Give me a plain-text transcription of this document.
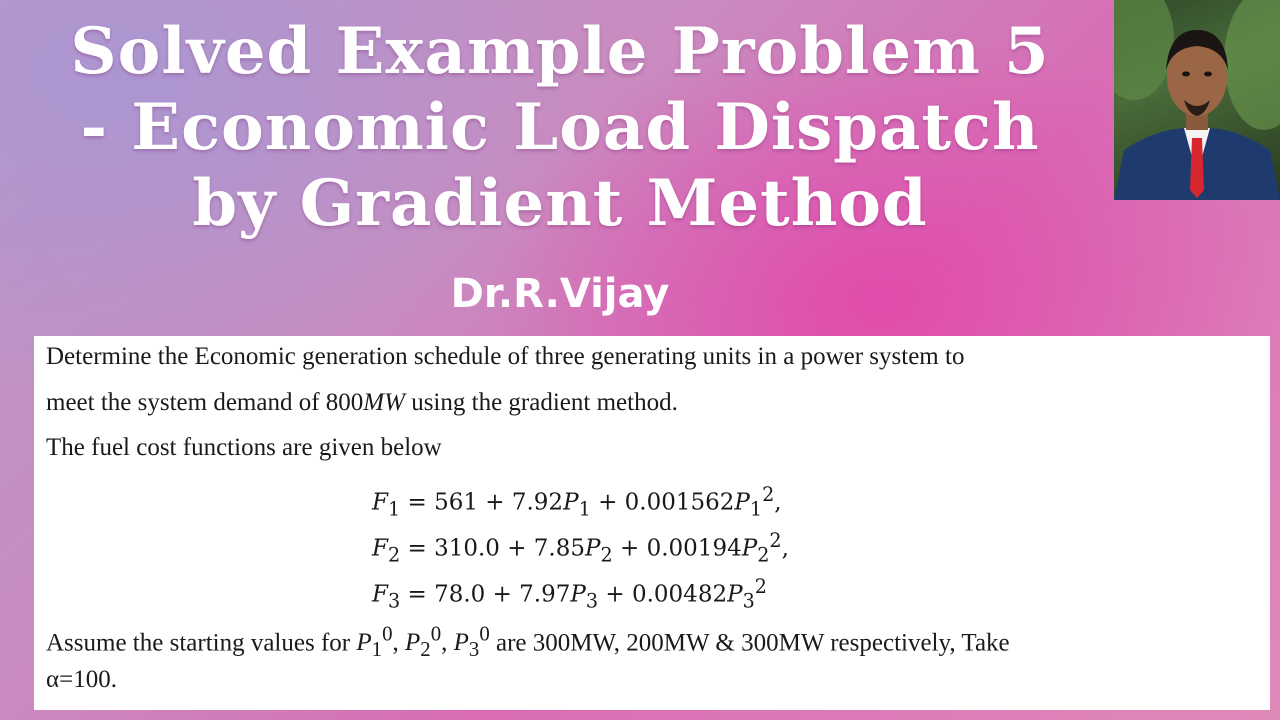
Solved Example Problem 5
- Economic Load Dispatch
by Gradient Method
Dr.R.Vijay
Determine the Economic generation schedule of three generating units in a power system to
meet the system demand of 800MW using the gradient method.
The fuel cost functions are given below
$F_1 = 561 + 7.92P_1 + 0.001562P_1^2$,
$F_2 = 310.0 + 7.85P_2 + 0.00194P_2^2$,
$F_3 = 78.0 + 7.97P_3 + 0.00482P_3^2$
Assume the starting values for $P_1^0$, $P_2^0$, $P_3^0$ are 300MW, 200MW & 300MW respectively, Take
α=100.
